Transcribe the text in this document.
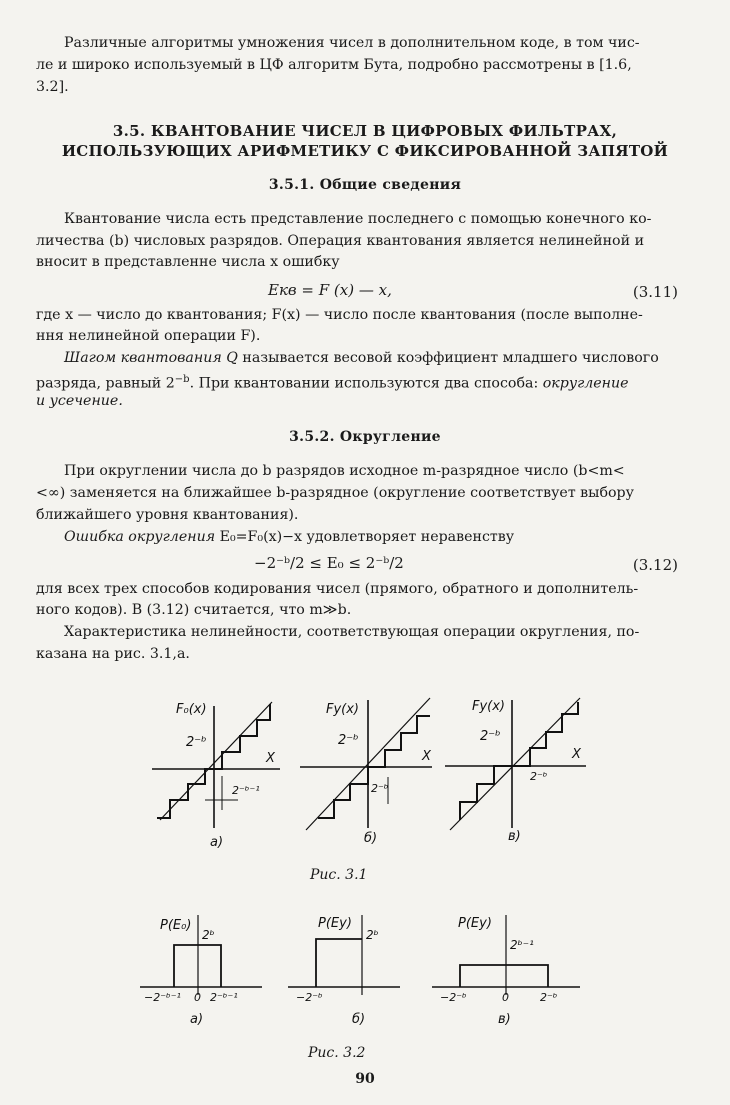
Различные алгоритмы умножения чисел в дополнительном коде, в том чис-
ле и широко используемый в ЦФ алгоритм Бута, подробно рассмотрены в [1.6,
3.2].
3.5. КВАНТОВАНИЕ ЧИСЕЛ В ЦИФРОВЫХ ФИЛЬТРАХ,
ИСПОЛЬЗУЮЩИХ АРИФМЕТИКУ С ФИКСИРОВАННОЙ ЗАПЯТОЙ
3.5.1. Общие сведения
Квантование числа есть представление последнего с помощью конечного ко-
личества (b) числовых разрядов. Операция квантования является нелинейной и
вносит в представленне числа x ошибку
Eкв = F (x) — x,	(3.11)
где x — число до квантования; F(x) — число после квантования (после выполне-
ння нелинейной операции F).
Шагом квантования Q называется весовой коэффициент младшего числового
разряда, равный $2^{-b}$. При квантовании используются два способа: округление
и усечение.
3.5.2. Округление
При округлении числа до b разрядов исходное m-разрядное число (b<m<
<∞) заменяется на ближайшее b-разрядное (округление соответствует выбору
ближайшего уровня квантования).
Ошибка округления E₀=F₀(x)−x удовлетворяет неравенству
−2⁻ᵇ/2 ≤ E₀ ≤ 2⁻ᵇ/2	(3.12)
для всех трех способов кодирования чисел (прямого, обратного и дополнитель-
ного кодов). В (3.12) считается, что m≫b.
Характеристика нелинейности, соответствующая операции округления, по-
казана на рис. 3.1,а.
F₀(x)
2⁻ᵇ
X
2⁻ᵇ⁻¹
а)
Fу(x)
2⁻ᵇ
X
2⁻ᵇ
б)
Fу(x)
2⁻ᵇ
X
2⁻ᵇ
в)
Рис. 3.1
P(E₀)
2ᵇ
−2⁻ᵇ⁻¹ 0 2⁻ᵇ⁻¹
а)
P(Eу)
2ᵇ
−2⁻ᵇ
б)
P(Eу)
2ᵇ⁻¹
−2⁻ᵇ	0	2⁻ᵇ
в)
Рис. 3.2
90
